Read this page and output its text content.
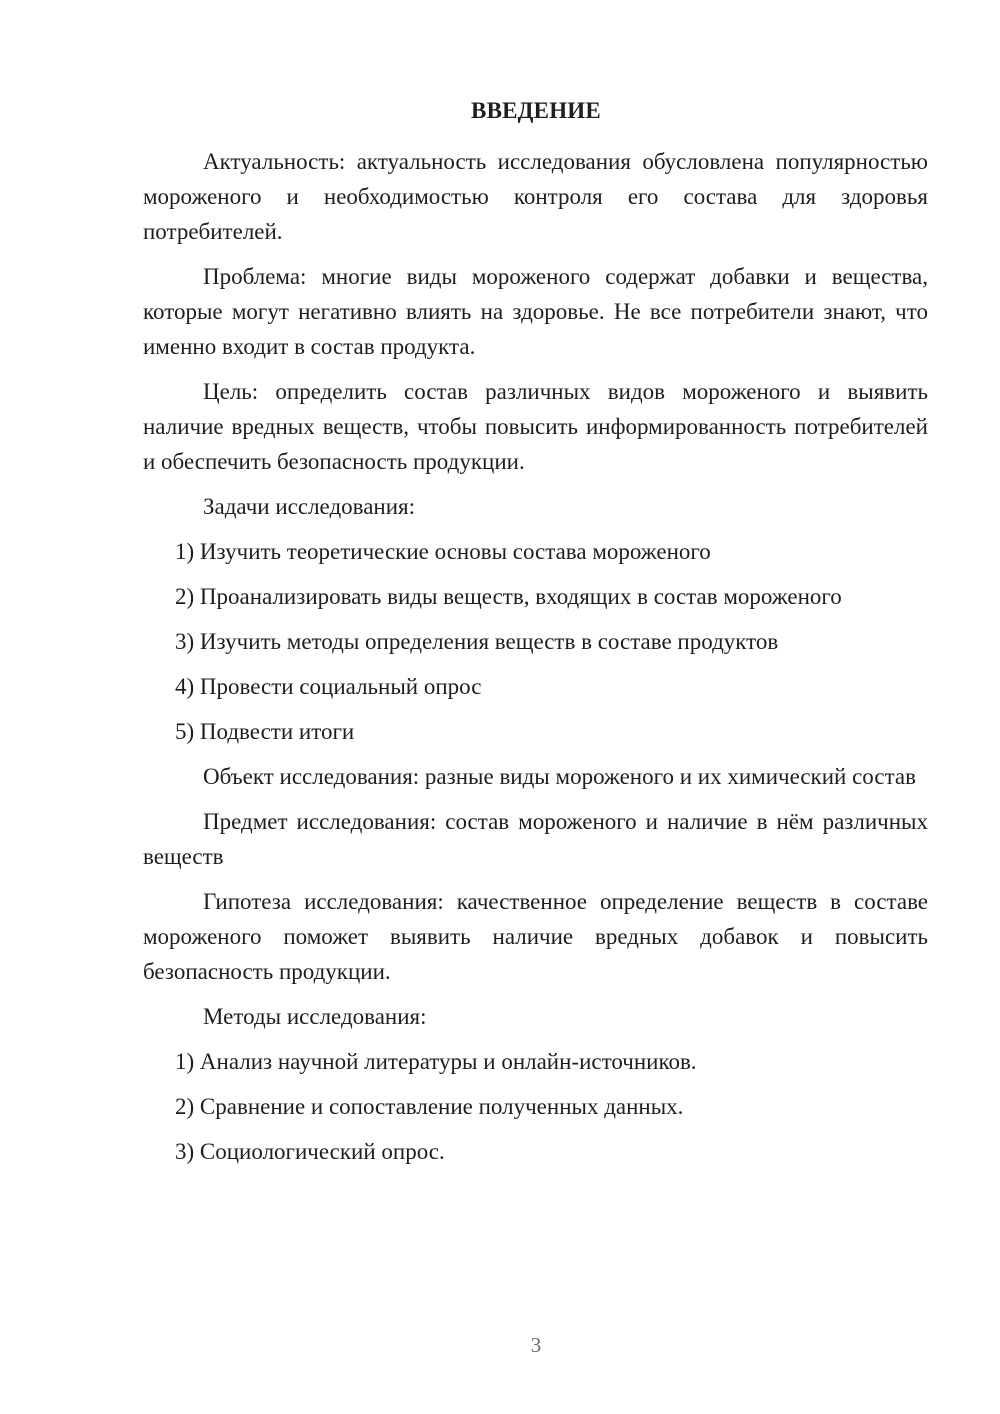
ВВЕДЕНИЕ

Актуальность: актуальность исследования обусловлена популярностью мороженого и необходимостью контроля его состава для здоровья потребителей.

Проблема: многие виды мороженого содержат добавки и вещества, которые могут негативно влиять на здоровье. Не все потребители знают, что именно входит в состав продукта.

Цель: определить состав различных видов мороженого и выявить наличие вредных веществ, чтобы повысить информированность потребителей и обеспечить безопасность продукции.

Задачи исследования:

1) Изучить теоретические основы состава мороженого
2) Проанализировать виды веществ, входящих в состав мороженого
3) Изучить методы определения веществ в составе продуктов
4) Провести социальный опрос
5) Подвести итоги

Объект исследования: разные виды мороженого и их химический состав

Предмет исследования: состав мороженого и наличие в нём различных веществ

Гипотеза исследования: качественное определение веществ в составе мороженого поможет выявить наличие вредных добавок и повысить безопасность продукции.

Методы исследования:

1) Анализ научной литературы и онлайн-источников.
2) Сравнение и сопоставление полученных данных.
3) Социологический опрос.
3
